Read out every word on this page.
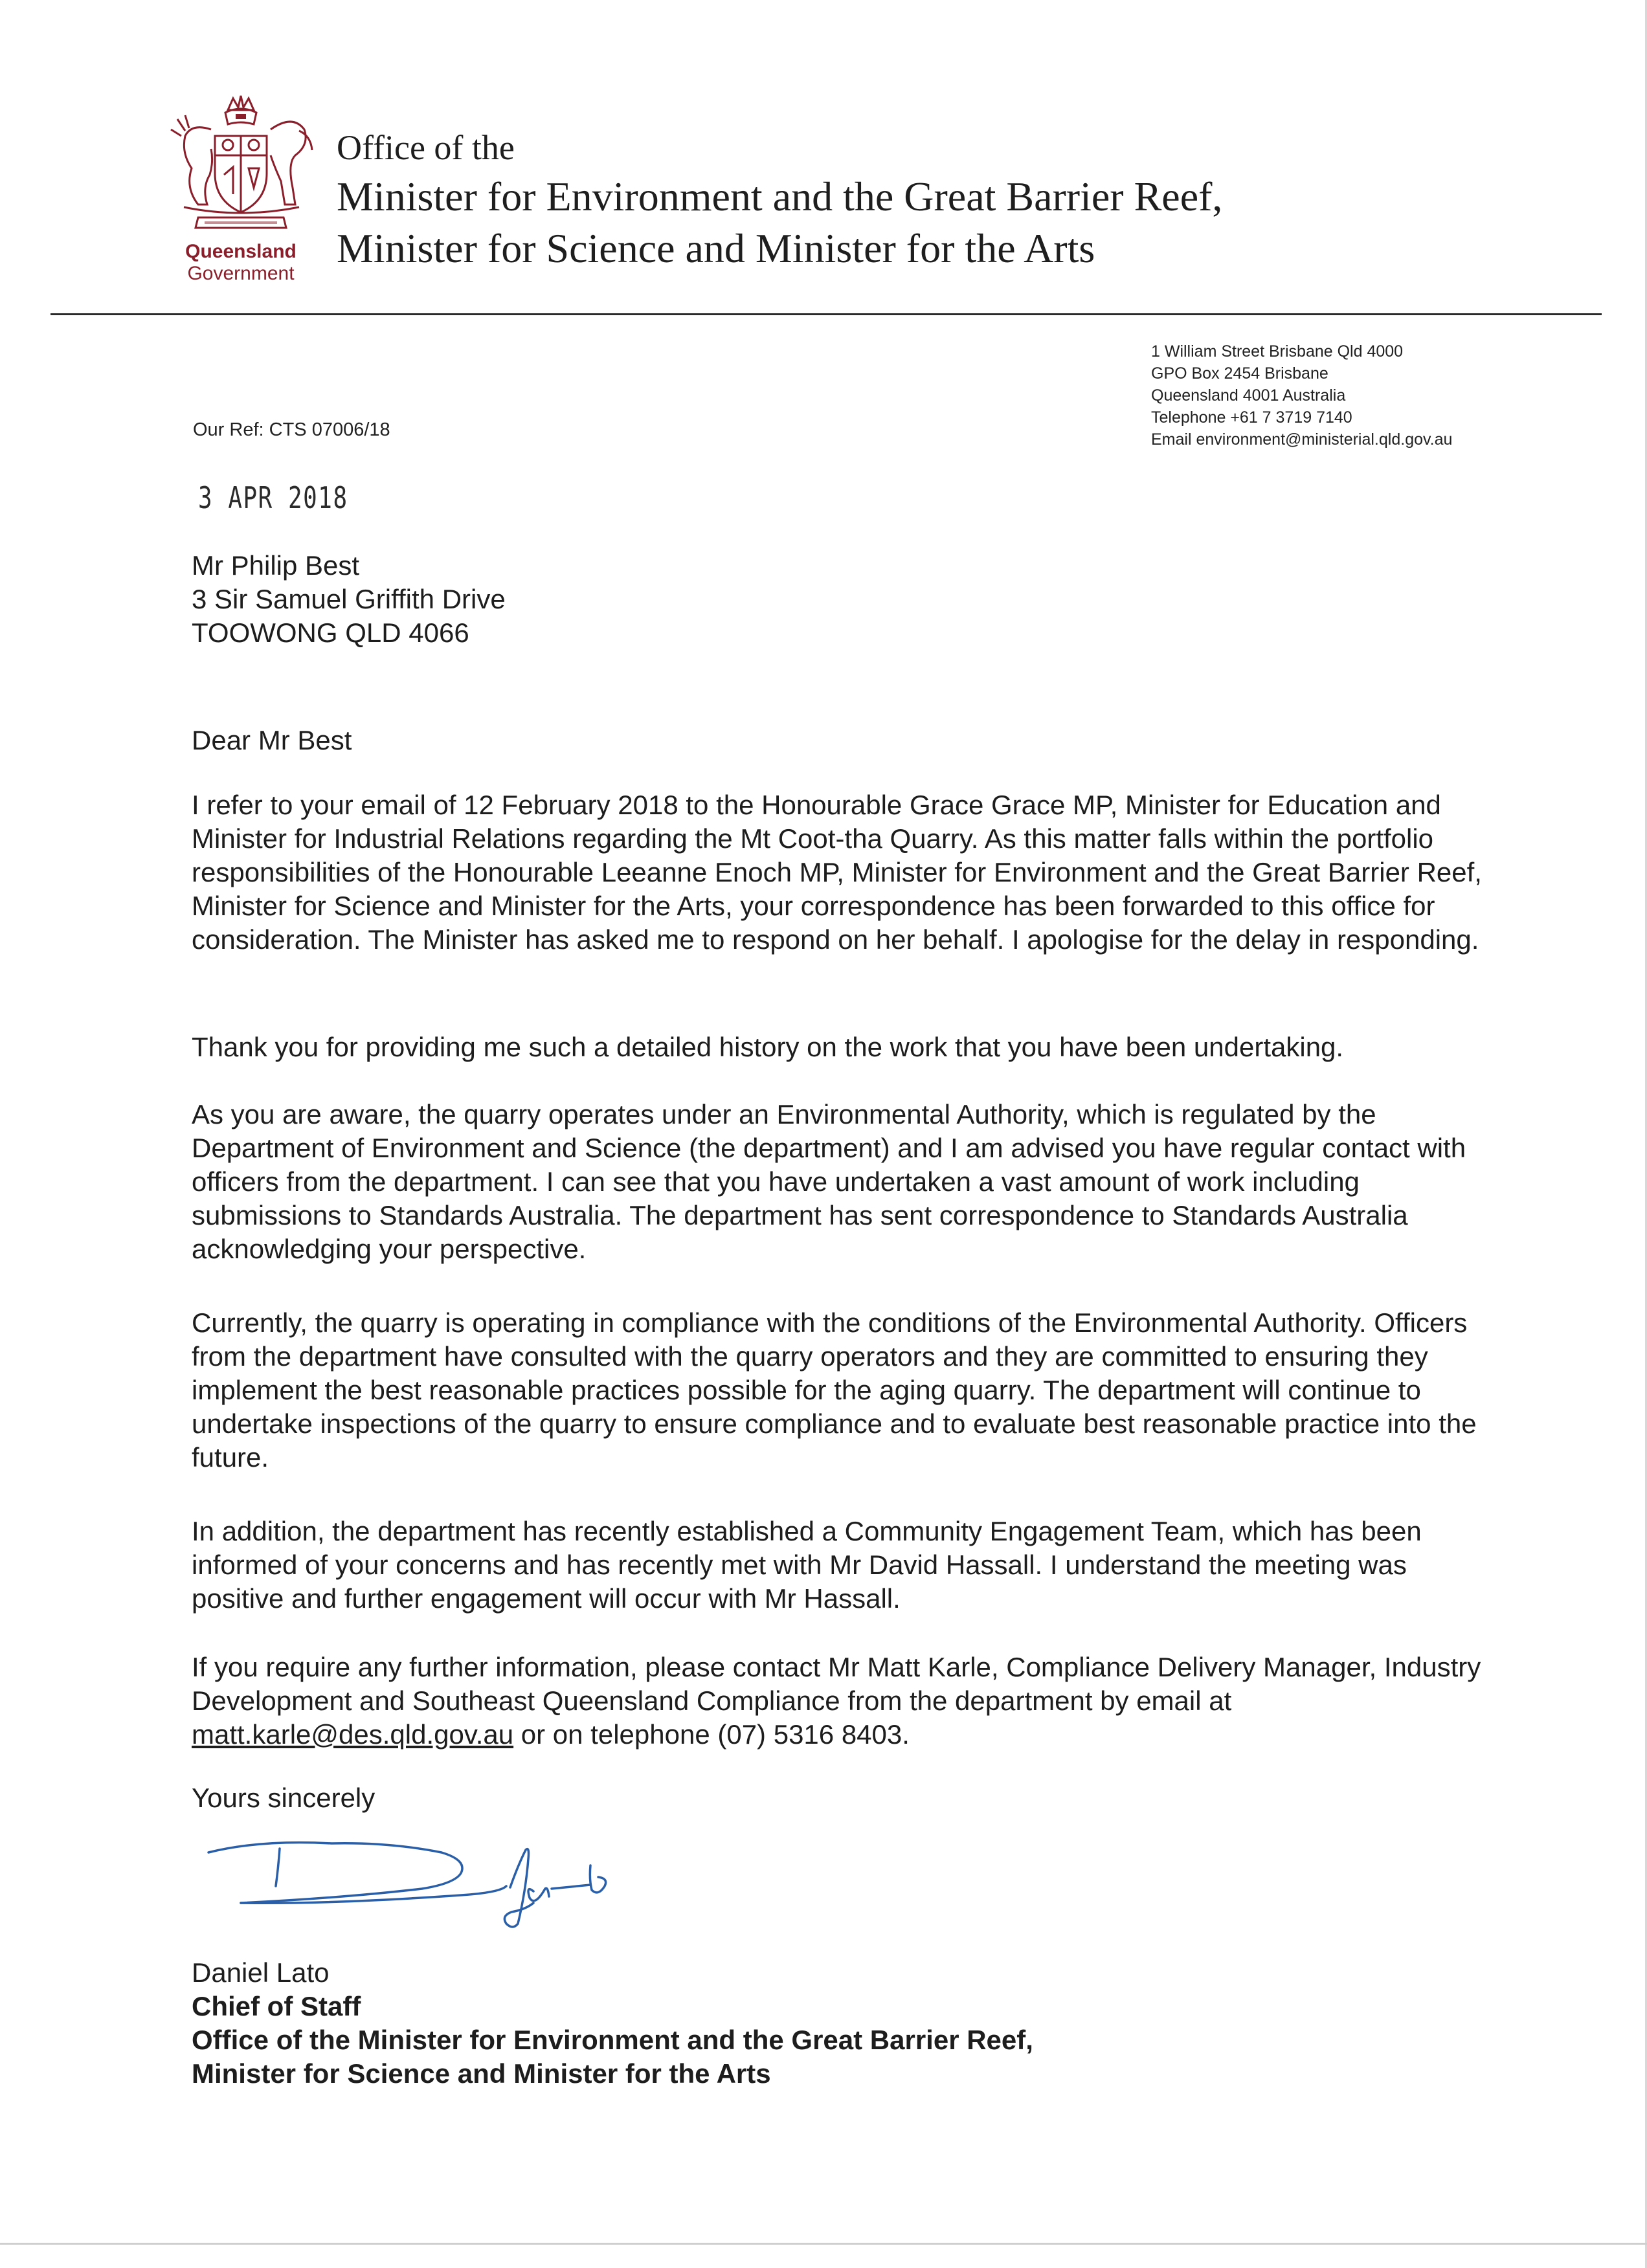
Queensland
Government
Office of the
Minister for Environment and the Great Barrier Reef,
Minister for Science and Minister for the Arts
1 William Street Brisbane Qld 4000
GPO Box 2454 Brisbane
Queensland 4001 Australia
Telephone +61 7 3719 7140
Email environment@ministerial.qld.gov.au
Our Ref: CTS 07006/18
3 APR 2018
Mr Philip Best
3 Sir Samuel Griffith Drive
TOOWONG QLD 4066
Dear Mr Best
I refer to your email of 12 February 2018 to the Honourable Grace Grace MP, Minister for Education and Minister for Industrial Relations regarding the Mt Coot-tha Quarry. As this matter falls within the portfolio responsibilities of the Honourable Leeanne Enoch MP, Minister for Environment and the Great Barrier Reef, Minister for Science and Minister for the Arts, your correspondence has been forwarded to this office for consideration. The Minister has asked me to respond on her behalf. I apologise for the delay in responding.
Thank you for providing me such a detailed history on the work that you have been undertaking.
As you are aware, the quarry operates under an Environmental Authority, which is regulated by the Department of Environment and Science (the department) and I am advised you have regular contact with officers from the department. I can see that you have undertaken a vast amount of work including submissions to Standards Australia. The department has sent correspondence to Standards Australia acknowledging your perspective.
Currently, the quarry is operating in compliance with the conditions of the Environmental Authority. Officers from the department have consulted with the quarry operators and they are committed to ensuring they implement the best reasonable practices possible for the aging quarry. The department will continue to undertake inspections of the quarry to ensure compliance and to evaluate best reasonable practice into the future.
In addition, the department has recently established a Community Engagement Team, which has been informed of your concerns and has recently met with Mr David Hassall. I understand the meeting was positive and further engagement will occur with Mr Hassall.
If you require any further information, please contact Mr Matt Karle, Compliance Delivery Manager, Industry Development and Southeast Queensland Compliance from the department by email at matt.karle@des.qld.gov.au or on telephone (07) 5316 8403.
Yours sincerely
Daniel Lato
Chief of Staff
Office of the Minister for Environment and the Great Barrier Reef,
Minister for Science and Minister for the Arts
